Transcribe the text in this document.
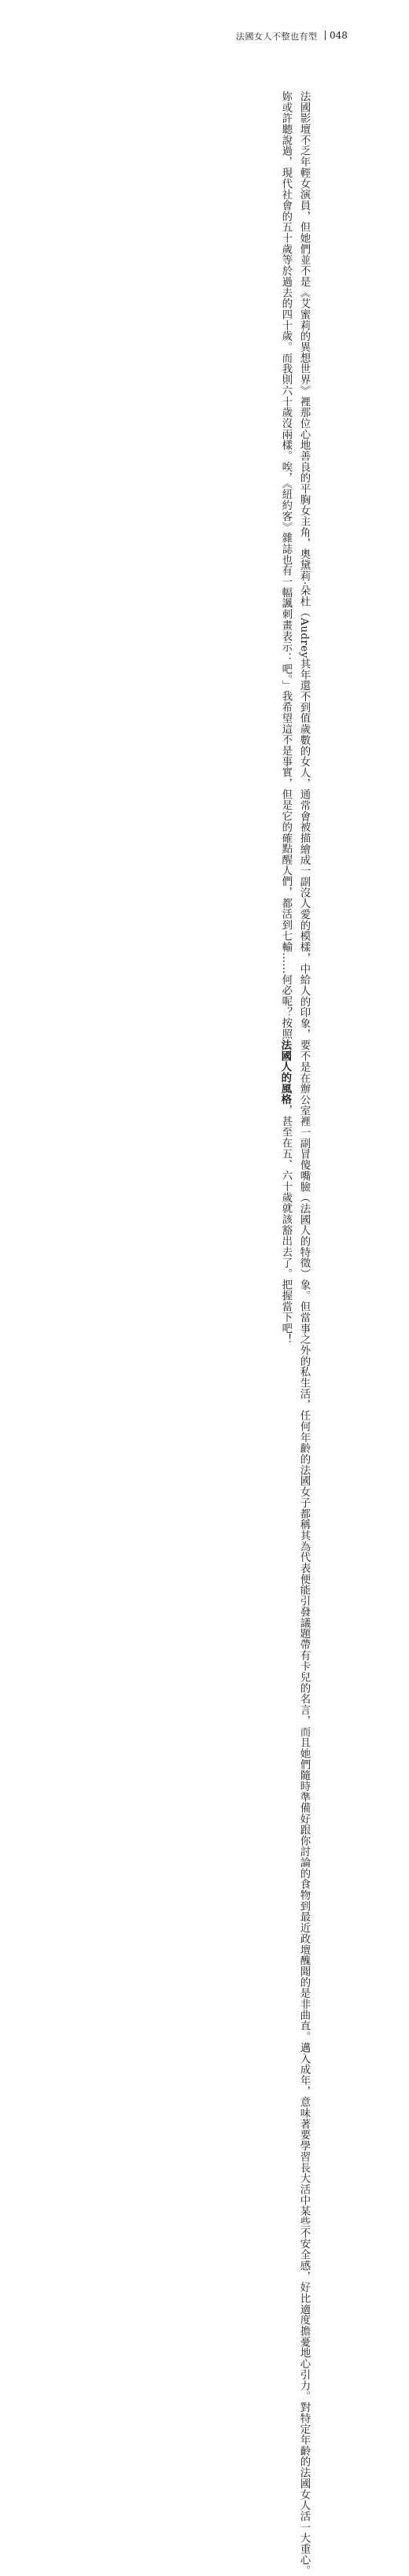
法國女人不整也有型 048
　　法國影壇不乏年輕女演員，但她們並不是《艾蜜莉的異想世界》裡那位心地善良的平胸女主角，奧黛莉‧朵杜（Audrey其年還不到值歲數的女人，通常會被描繪成一副沒人愛的模樣，中給人的印象，要不是在辦公室裡一副冒傻嘴臉（法國人的特徵）象。但當事之外的私生活，任何年齡的法國女子都稱其為代表便能引發議題帶有卡兒的名言，而且她們隨時準備好跟你討論的食物到最近政壇醜聞的是非曲直。邁入成年，意味著要學習長大活中某些不安全感，好比適度擔憂地心引力。對特定年齡的法國女人活一大重心。
　　妳或許聽說過，現代社會的五十歲等於過去的四十歲。而我則六十歲沒兩樣。唉，《紐約客》雜誌也有一幅諷刺畫表示：吧。」我希望這不是事實，但是它的確點醒人們，都活到七輸……何必呢？按照法國人的風格，甚至在五、六十歲就該豁出去了。把握當下吧！
